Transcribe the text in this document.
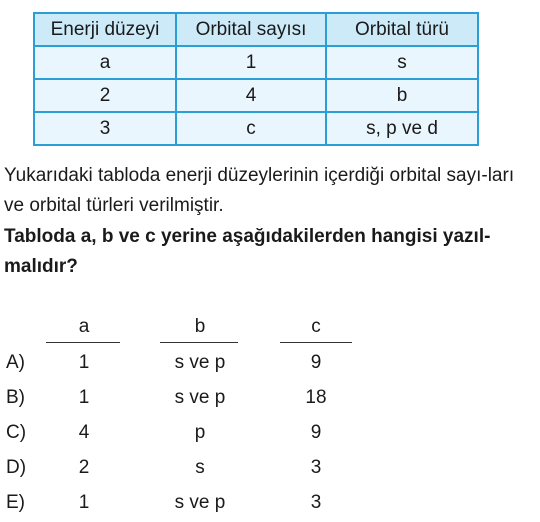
Enerji düzeyi	Orbital sayısı	Orbital türü
a	1	s
2	4	b
3	c	s, p ve d

Yukarıdaki tabloda enerji düzeylerinin içerdiği orbital sayı-ları ve orbital türleri verilmiştir.

Tabloda a, b ve c yerine aşağıdakilerden hangisi yazıl-malıdır?

a	b	c
A)	1	s ve p	9
B)	1	s ve p	18
C)	4	p	9
D)	2	s	3
E)	1	s ve p	3
